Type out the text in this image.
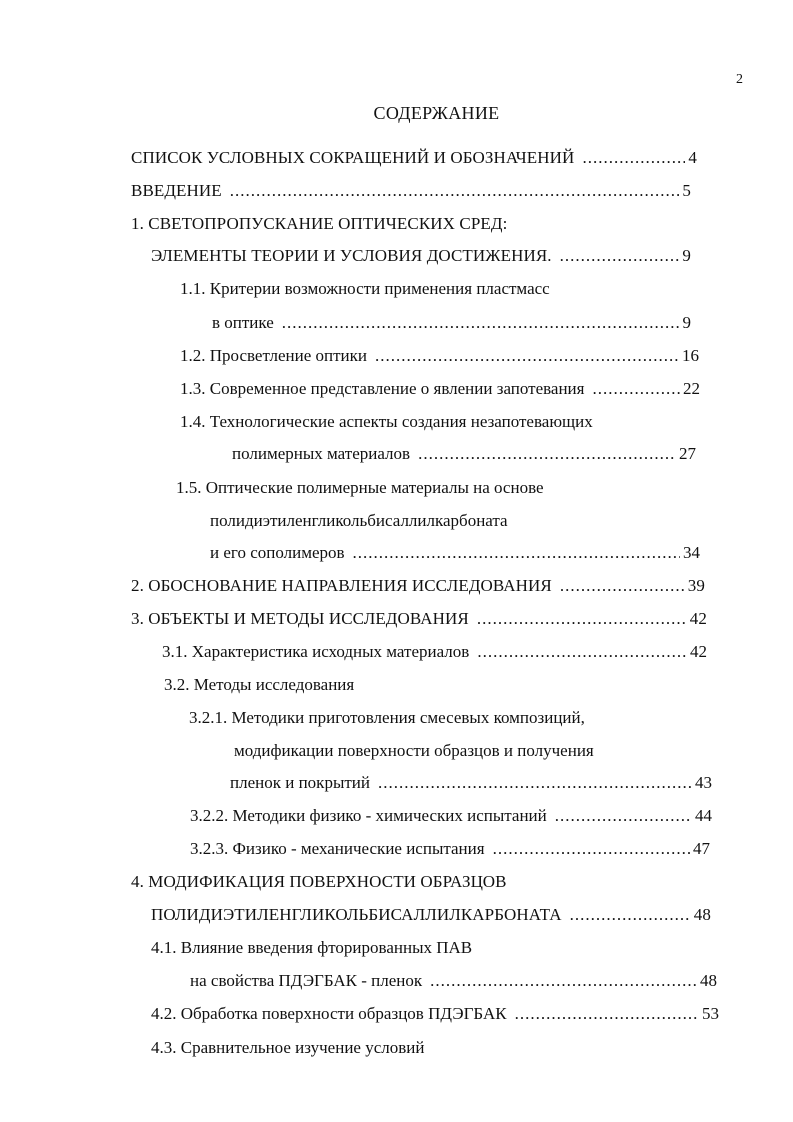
2
СОДЕРЖАНИЕ
СПИСОК УСЛОВНЫХ СОКРАЩЕНИЙ И ОБОЗНАЧЕНИЙ .....	4
ВВЕДЕНИЕ .....	5
1. СВЕТОПРОПУСКАНИЕ ОПТИЧЕСКИХ СРЕД:
ЭЛЕМЕНТЫ ТЕОРИИ И УСЛОВИЯ ДОСТИЖЕНИЯ. .....	9
1.1. Критерии возможности применения пластмасс
в оптике .....	9
1.2. Просветление оптики .....	16
1.3. Современное представление о явлении запотевания .....	22
1.4. Технологические аспекты создания незапотевающих
полимерных материалов .....	27
1.5. Оптические полимерные материалы на основе
полидиэтиленгликольбисаллилкарбоната
и его сополимеров .....	34
2. ОБОСНОВАНИЕ НАПРАВЛЕНИЯ ИССЛЕДОВАНИЯ .....	39
3. ОБЪЕКТЫ И МЕТОДЫ ИССЛЕДОВАНИЯ .....	42
3.1. Характеристика исходных материалов .....	42
3.2. Методы исследования
3.2.1. Методики приготовления смесевых композиций,
модификации поверхности образцов и получения
пленок и покрытий .....	43
3.2.2. Методики физико - химических испытаний .....	44
3.2.3. Физико - механические испытания .....	47
4. МОДИФИКАЦИЯ ПОВЕРХНОСТИ ОБРАЗЦОВ
ПОЛИДИЭТИЛЕНГЛИКОЛЬБИСАЛЛИЛКАРБОНАТА .....	48
4.1. Влияние введения фторированных ПАВ
на свойства ПДЭГБАК - пленок .....	48
4.2. Обработка поверхности образцов ПДЭГБАК .....	53
4.3. Сравнительное изучение условий
